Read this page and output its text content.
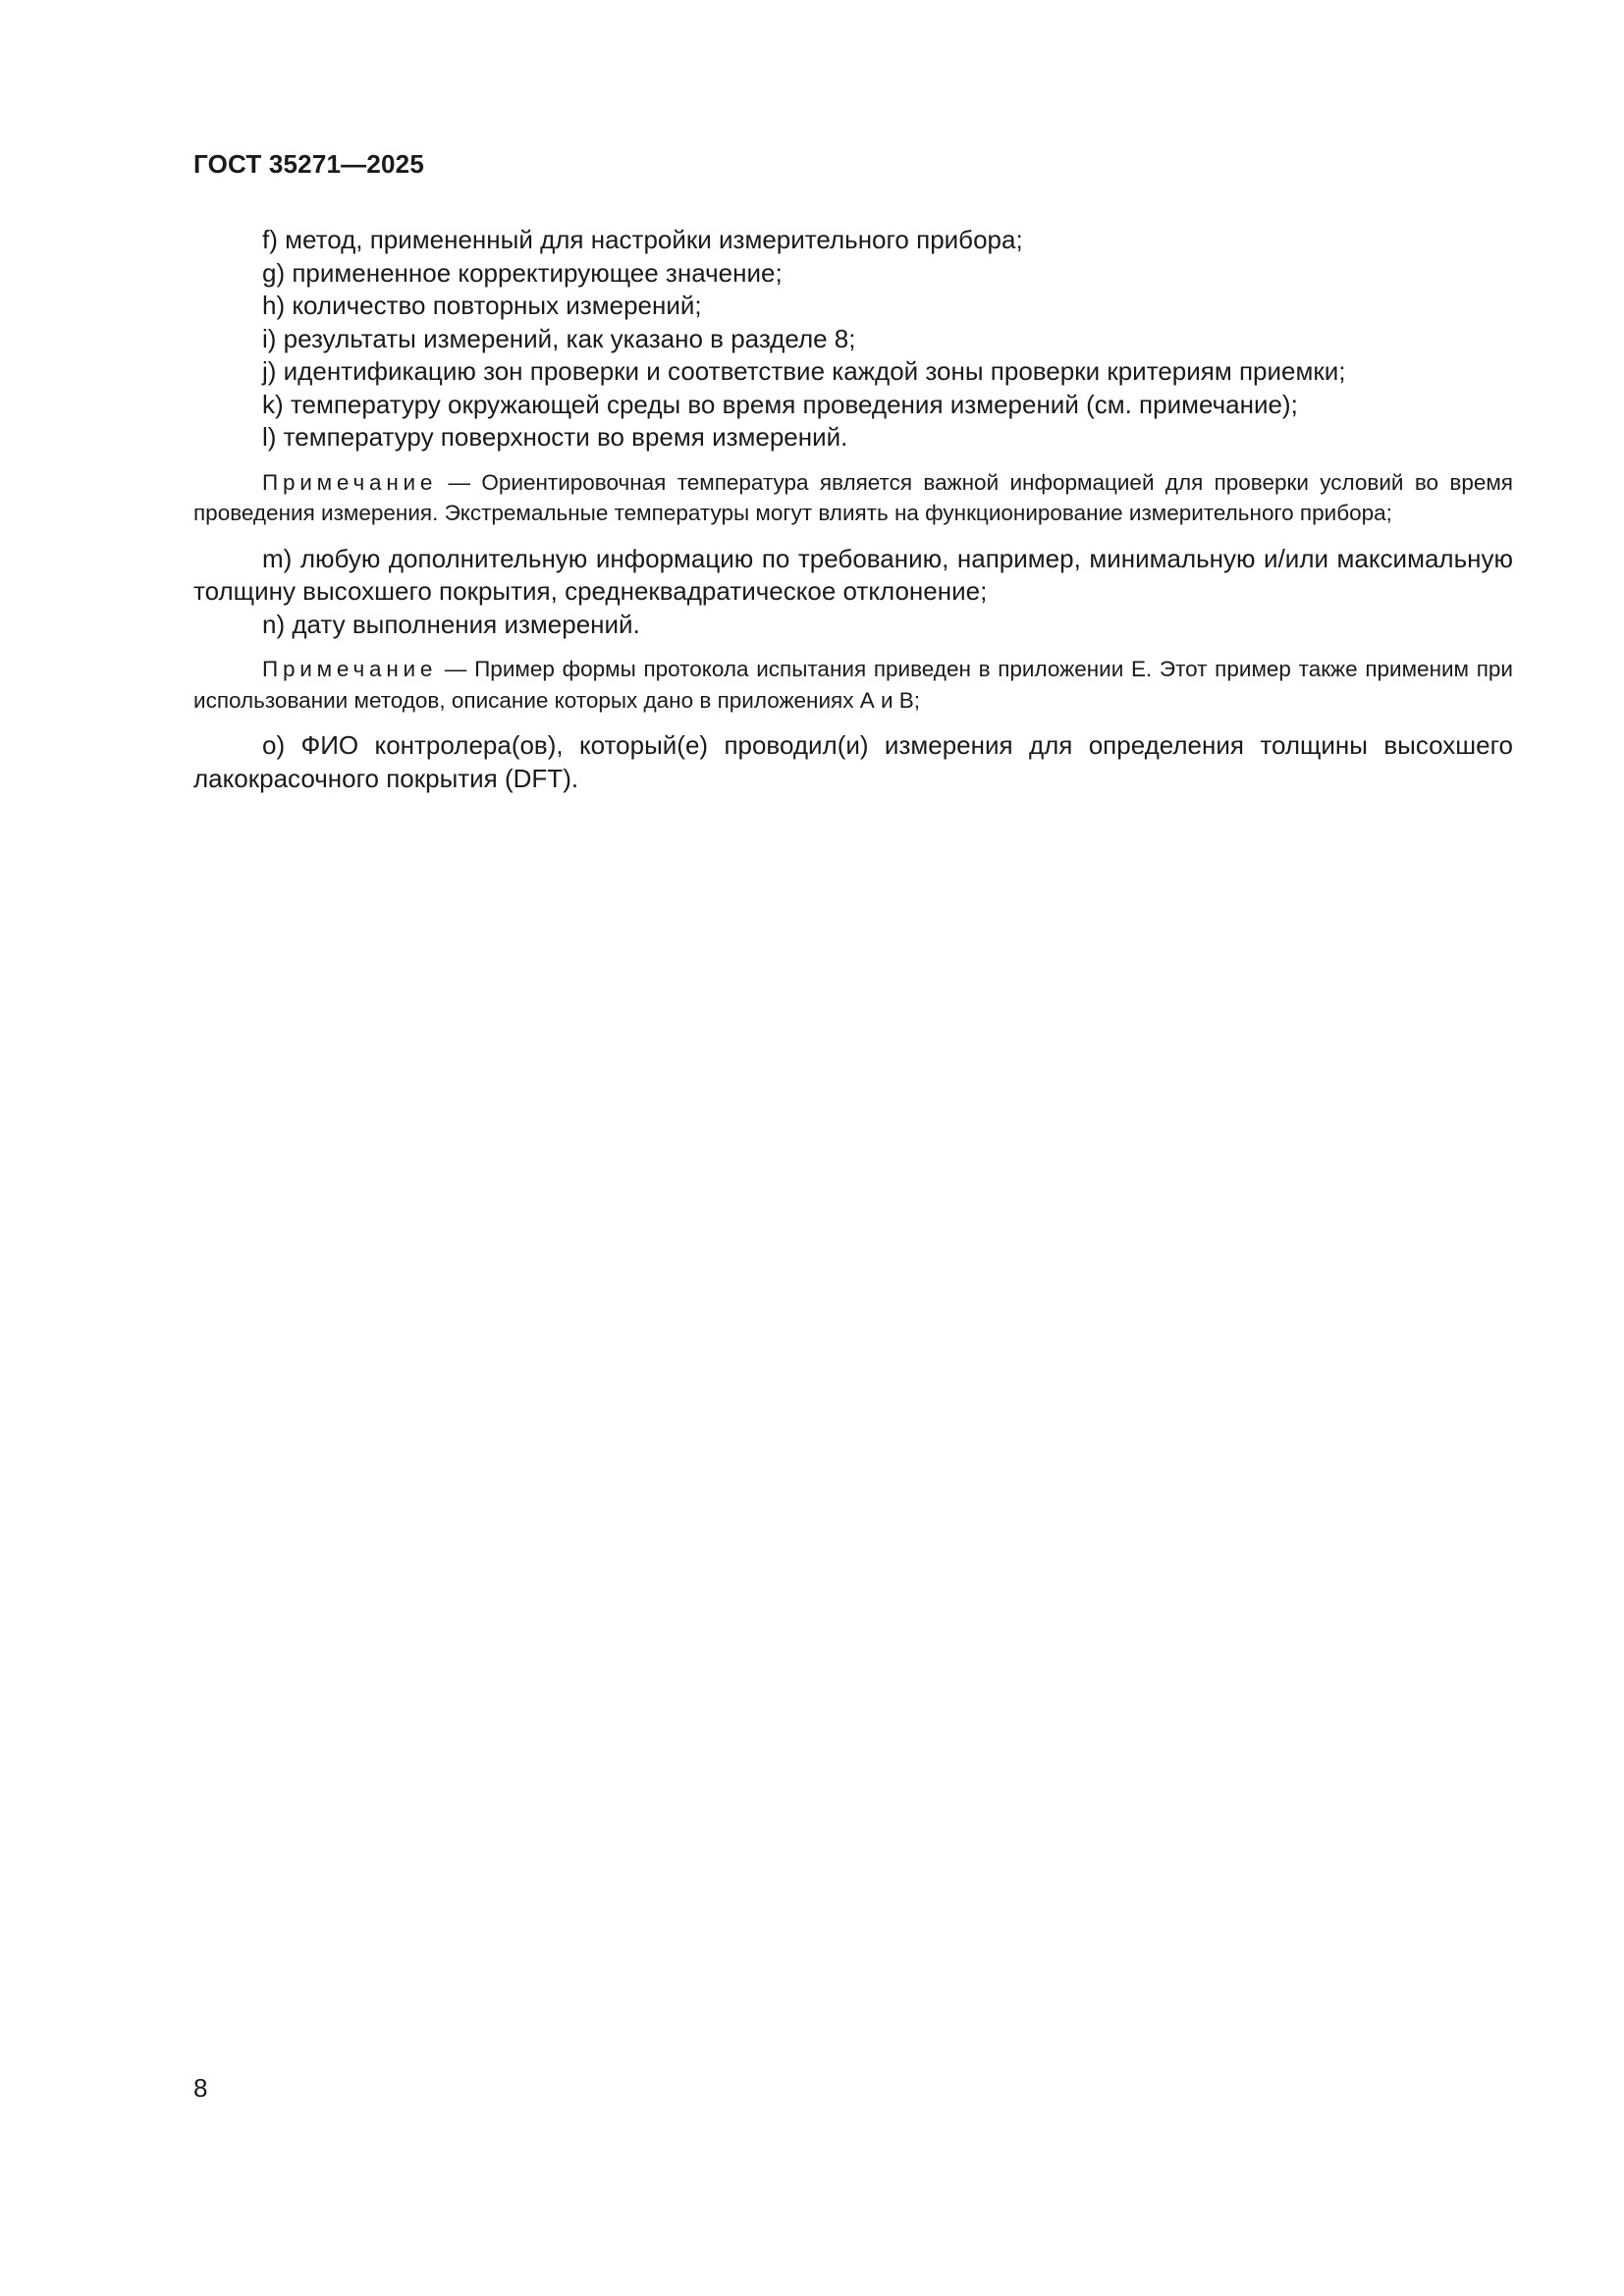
ГОСТ 35271—2025
f) метод, примененный для настройки измерительного прибора;
g) примененное корректирующее значение;
h) количество повторных измерений;
i) результаты измерений, как указано в разделе 8;
j) идентификацию зон проверки и соответствие каждой зоны проверки критериям приемки;
k) температуру окружающей среды во время проведения измерений (см. примечание);
l) температуру поверхности во время измерений.
Примечание — Ориентировочная температура является важной информацией для проверки условий во время проведения измерения. Экстремальные температуры могут влиять на функционирование измерительного прибора;
m) любую дополнительную информацию по требованию, например, минимальную и/или максимальную толщину высохшего покрытия, среднеквадратическое отклонение;
n) дату выполнения измерений.
Примечание — Пример формы протокола испытания приведен в приложении Е. Этот пример также применим при использовании методов, описание которых дано в приложениях А и В;
o) ФИО контролера(ов), который(е) проводил(и) измерения для определения толщины высохшего лакокрасочного покрытия (DFT).
8
